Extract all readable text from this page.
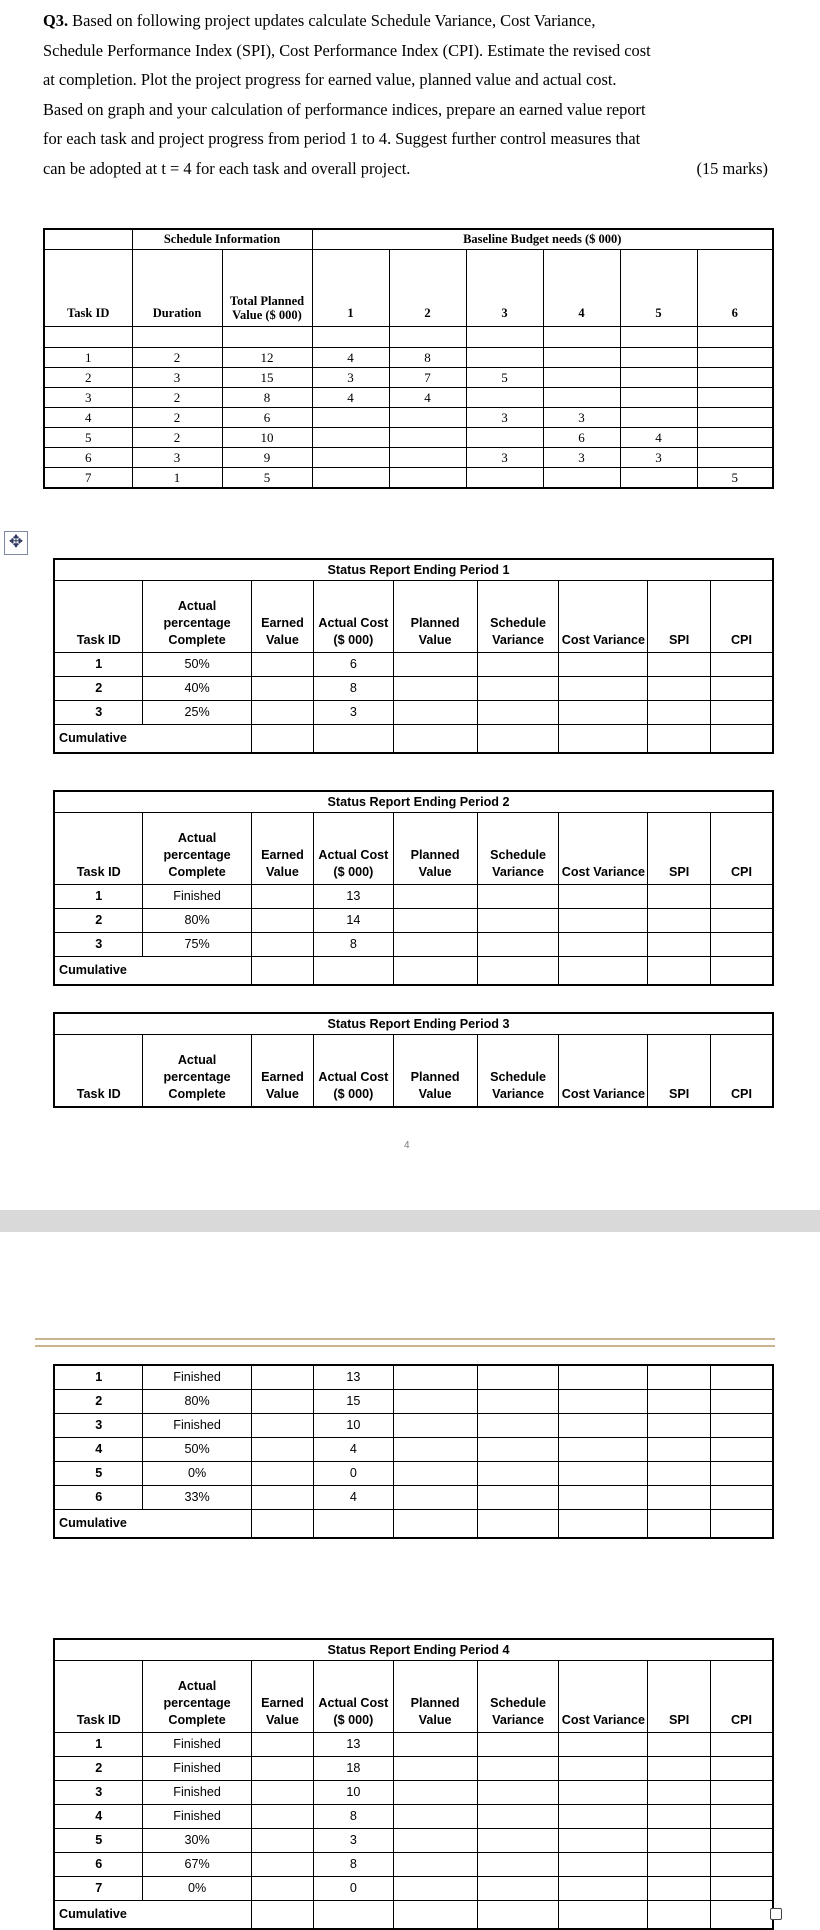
Q3. Based on following project updates calculate Schedule Variance, Cost Variance,
Schedule Performance Index (SPI), Cost Performance Index (CPI). Estimate the revised cost
at completion. Plot the project progress for earned value, planned value and actual cost.
Based on graph and your calculation of performance indices, prepare an earned value report
for each task and project progress from period 1 to 4. Suggest further control measures that
can be adopted at t = 4 for each task and overall project.	(15 marks)
✥
	Schedule Information		Baseline Budget needs ($ 000)					
Task ID	Duration	Total Planned Value ($ 000)	1	2	3	4	5	6

1	2	12	4	8				
2	3	15	3	7	5			
3	2	8	4	4				
4	2	6			3	3		
5	2	10				6	4	
6	3	9			3	3	3	
7	1	5						5
Status Report Ending Period 1								
Task ID	Actual percentage Complete	Earned Value	Actual Cost ($ 000)	Planned Value	Schedule Variance	Cost Variance	SPI	CPI
1	50%		6					
2	40%		8					
3	25%		3					
Cumulative								
Status Report Ending Period 2								
Task ID	Actual percentage Complete	Earned Value	Actual Cost ($ 000)	Planned Value	Schedule Variance	Cost Variance	SPI	CPI
1	Finished		13					
2	80%		14					
3	75%		8					
Cumulative								
Status Report Ending Period 3
Task ID	Actual percentage Complete	Earned Value	Actual Cost ($ 000)	Planned Value	Schedule Variance	Cost Variance	SPI	CPI
4
1	Finished		13					
2	80%		15					
3	Finished		10					
4	50%		4					
5	0%		0					
6	33%		4					
Cumulative								
Status Report Ending Period 4								
Task ID	Actual percentage Complete	Earned Value	Actual Cost ($ 000)	Planned Value	Schedule Variance	Cost Variance	SPI	CPI
1	Finished		13					
2	Finished		18					
3	Finished		10					
4	Finished		8					
5	30%		3					
6	67%		8					
7	0%		0					
Cumulative								
